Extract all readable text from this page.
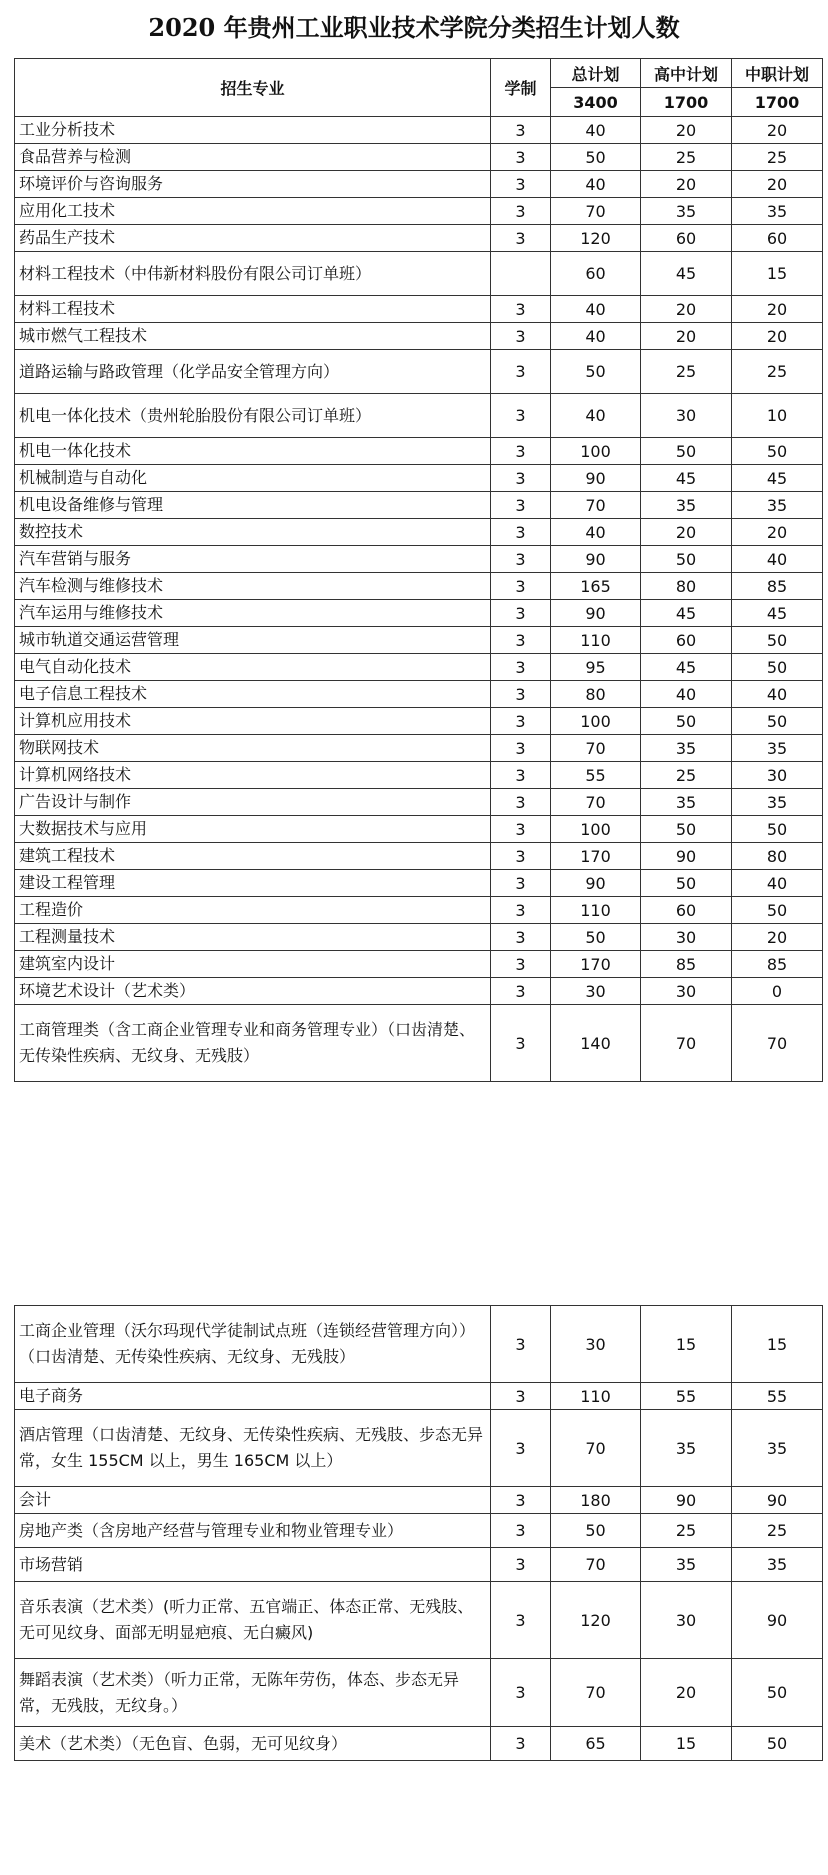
2020 年贵州工业职业技术学院分类招生计划人数
招生专业	学制	总计划	高中计划	中职计划
		3400	1700	1700
工业分析技术	3	40	20	20
食品营养与检测	3	50	25	25
环境评价与咨询服务	3	40	20	20
应用化工技术	3	70	35	35
药品生产技术	3	120	60	60
材料工程技术（中伟新材料股份有限公司订单班）		60	45	15
材料工程技术	3	40	20	20
城市燃气工程技术	3	40	20	20
道路运输与路政管理（化学品安全管理方向）	3	50	25	25
机电一体化技术（贵州轮胎股份有限公司订单班）	3	40	30	10
机电一体化技术	3	100	50	50
机械制造与自动化	3	90	45	45
机电设备维修与管理	3	70	35	35
数控技术	3	40	20	20
汽车营销与服务	3	90	50	40
汽车检测与维修技术	3	165	80	85
汽车运用与维修技术	3	90	45	45
城市轨道交通运营管理	3	110	60	50
电气自动化技术	3	95	45	50
电子信息工程技术	3	80	40	40
计算机应用技术	3	100	50	50
物联网技术	3	70	35	35
计算机网络技术	3	55	25	30
广告设计与制作	3	70	35	35
大数据技术与应用	3	100	50	50
建筑工程技术	3	170	90	80
建设工程管理	3	90	50	40
工程造价	3	110	60	50
工程测量技术	3	50	30	20
建筑室内设计	3	170	85	85
环境艺术设计（艺术类）	3	30	30	0
工商管理类（含工商企业管理专业和商务管理专业）（口齿清楚、无传染性疾病、无纹身、无残肢）	3	140	70	70
工商企业管理（沃尔玛现代学徒制试点班（连锁经营管理方向））（口齿清楚、无传染性疾病、无纹身、无残肢）	3	30	15	15
电子商务	3	110	55	55
酒店管理（口齿清楚、无纹身、无传染性疾病、无残肢、步态无异常，女生 155CM 以上，男生 165CM 以上）	3	70	35	35
会计	3	180	90	90
房地产类（含房地产经营与管理专业和物业管理专业）	3	50	25	25
市场营销	3	70	35	35
音乐表演（艺术类）(听力正常、五官端正、体态正常、无残肢、无可见纹身、面部无明显疤痕、无白癜风)	3	120	30	90
舞蹈表演（艺术类）（听力正常，无陈年劳伤，体态、步态无异常，无残肢，无纹身。）	3	70	20	50
美术（艺术类）（无色盲、色弱，无可见纹身）	3	65	15	50
